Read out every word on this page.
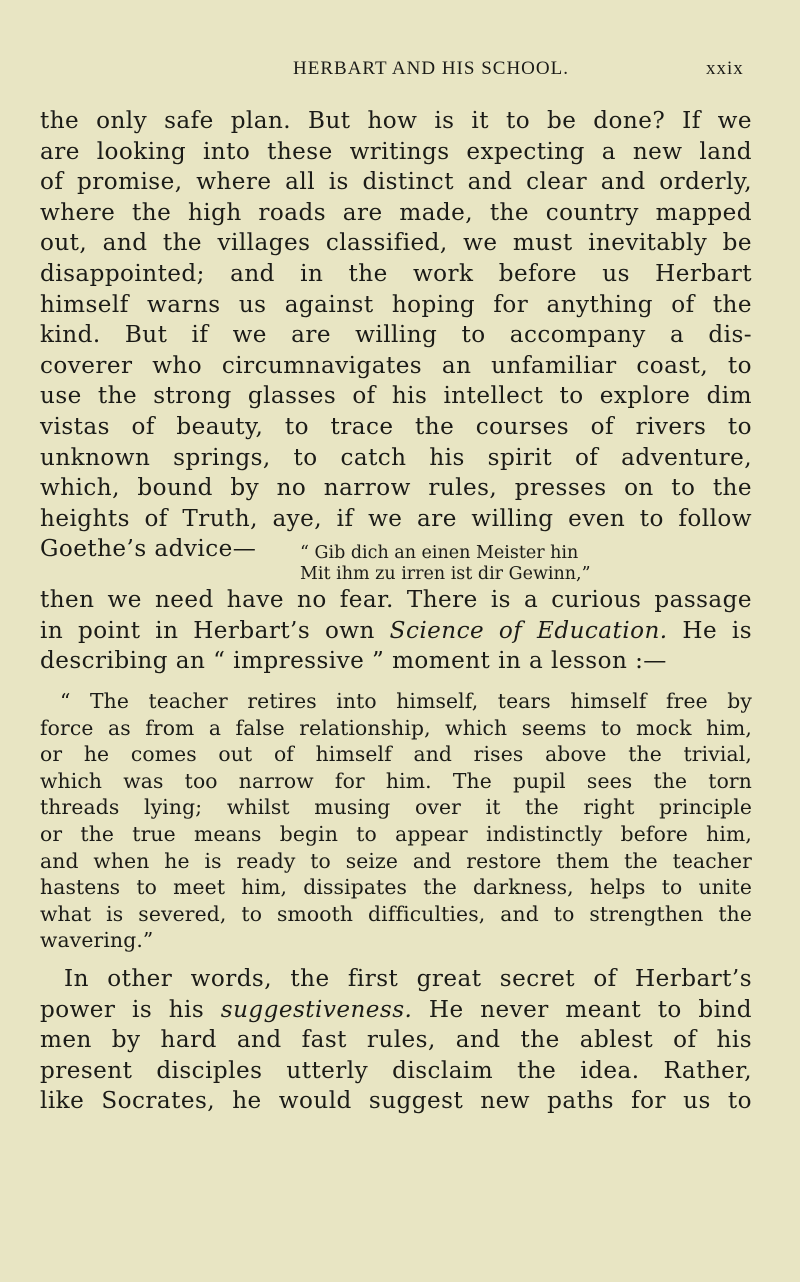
HERBART AND HIS SCHOOL.	xxix
the only safe plan. But how is it to be done? If we
are looking into these writings expecting a new land
of promise, where all is distinct and clear and orderly,
where the high roads are made, the country mapped
out, and the villages classified, we must inevitably be
disappointed; and in the work before us Herbart
himself warns us against hoping for anything of the
kind. But if we are willing to accompany a dis-
coverer who circumnavigates an unfamiliar coast, to
use the strong glasses of his intellect to explore dim
vistas of beauty, to trace the courses of rivers to
unknown springs, to catch his spirit of adventure,
which, bound by no narrow rules, presses on to the
heights of Truth, aye, if we are willing even to follow
Goethe’s advice—	“ Gib dich an einen Meister hin
Mit ihm zu irren ist dir Gewinn,”
then we need have no fear. There is a curious passage
in point in Herbart’s own Science of Education. He is
describing an “ impressive ” moment in a lesson :—
“ The teacher retires into himself, tears himself free by
force as from a false relationship, which seems to mock him,
or he comes out of himself and rises above the trivial,
which was too narrow for him. The pupil sees the torn
threads lying; whilst musing over it the right principle
or the true means begin to appear indistinctly before him,
and when he is ready to seize and restore them the teacher
hastens to meet him, dissipates the darkness, helps to unite
what is severed, to smooth difficulties, and to strengthen the
wavering.”
In other words, the first great secret of Herbart’s
power is his suggestiveness. He never meant to bind
men by hard and fast rules, and the ablest of his
present disciples utterly disclaim the idea. Rather,
like Socrates, he would suggest new paths for us to
